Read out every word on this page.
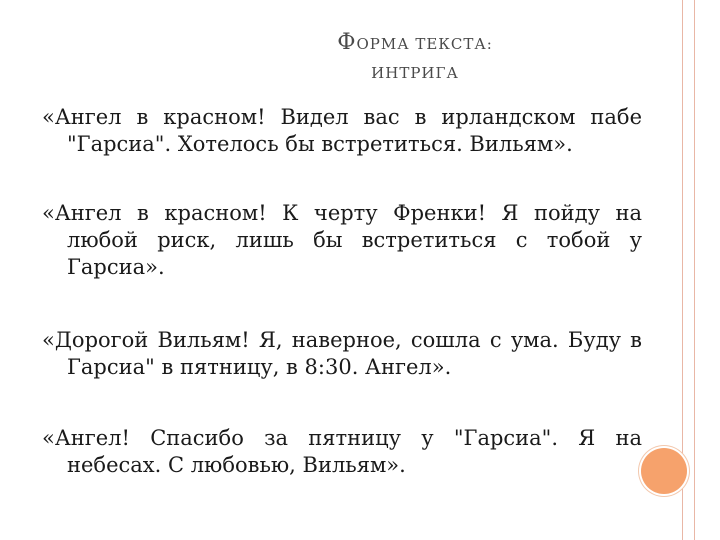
ФОРМА ТЕКСТА:
ИНТРИГА
«Ангел в красном! Видел вас в ирландском пабе "Гарсиа". Хотелось бы встретиться. Вильям».
«Ангел в красном! К черту Френки! Я пойду на любой риск, лишь бы встретиться с тобой у Гарсиа».
«Дорогой Вильям! Я, наверное, сошла с ума. Буду в Гарсиа" в пятницу, в 8:30. Ангел».
«Ангел! Спасибо за пятницу у "Гарсиа". Я на небесах. С любовью, Вильям».
